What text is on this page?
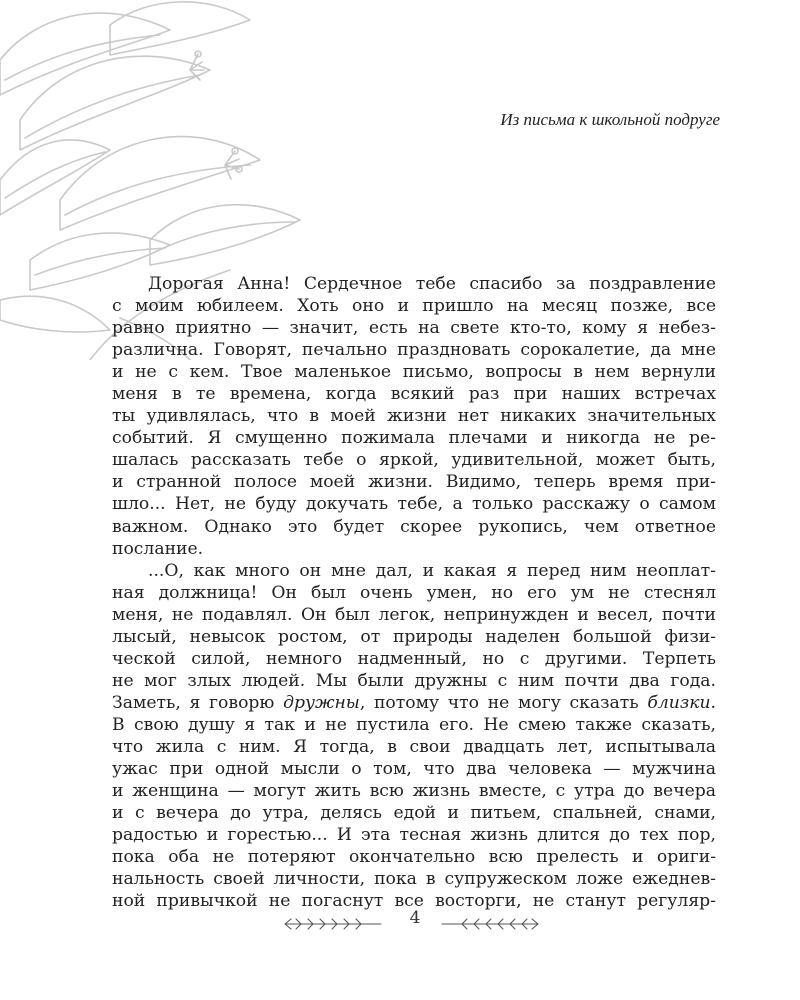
Из письма к школьной подруге
Дорогая Анна! Сердечное тебе спасибо за поздравление
с моим юбилеем. Хоть оно и пришло на месяц позже, все
равно приятно — значит, есть на свете кто-то, кому я небез-
различна. Говорят, печально праздновать сорокалетие, да мне
и не с кем. Твое маленькое письмо, вопросы в нем вернули
меня в те времена, когда всякий раз при наших встречах
ты удивлялась, что в моей жизни нет никаких значительных
событий. Я смущенно пожимала плечами и никогда не ре-
шалась рассказать тебе о яркой, удивительной, может быть,
и странной полосе моей жизни. Видимо, теперь время при-
шло... Нет, не буду докучать тебе, а только расскажу о самом
важном. Однако это будет скорее рукопись, чем ответное
послание.
...О, как много он мне дал, и какая я перед ним неоплат-
ная должница! Он был очень умен, но его ум не стеснял
меня, не подавлял. Он был легок, непринужден и весел, почти
лысый, невысок ростом, от природы наделен большой физи-
ческой силой, немного надменный, но с другими. Терпеть
не мог злых людей. Мы были дружны с ним почти два года.
Заметь, я говорю дружны, потому что не могу сказать близки.
В свою душу я так и не пустила его. Не смею также сказать,
что жила с ним. Я тогда, в свои двадцать лет, испытывала
ужас при одной мысли о том, что два человека — мужчина
и женщина — могут жить всю жизнь вместе, с утра до вечера
и с вечера до утра, делясь едой и питьем, спальней, снами,
радостью и горестью... И эта тесная жизнь длится до тех пор,
пока оба не потеряют окончательно всю прелесть и ориги-
нальность своей личности, пока в супружеском ложе ежеднев-
ной привычкой не погаснут все восторги, не станут регуляр-
4
